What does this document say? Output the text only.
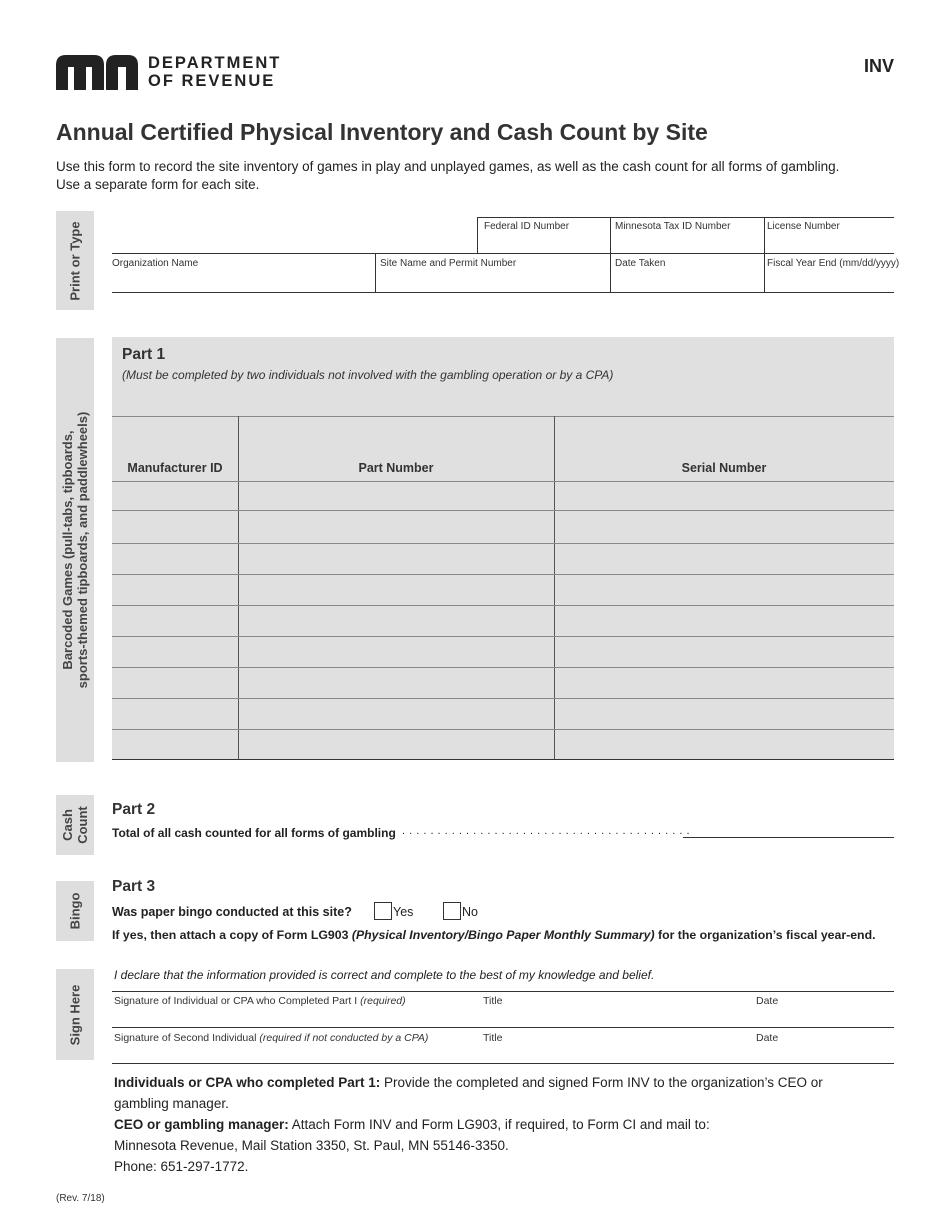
DEPARTMENT
OF REVENUE
INV
Annual Certified Physical Inventory and Cash Count by Site
Use this form to record the site inventory of games in play and unplayed games, as well as the cash count for all forms of gambling.
Use a separate form for each site.
Print or Type	Federal ID Number	Minnesota Tax ID Number	License Number
Organization Name	Site Name and Permit Number	Date Taken	Fiscal Year End (mm/dd/yyyy)
Barcoded Games (pull-tabs, tipboards, sports-themed tipboards, and paddlewheels)
Part 1
(Must be completed by two individuals not involved with the gambling operation or by a CPA)
Manufacturer ID	Part Number	Serial Number
Cash Count Part 2
Total of all cash counted for all forms of gambling . . . . . . . . . . . . . . . . . . . . . . . . . . . . . . . . . . . . . . . . .
Bingo
Part 3
Was paper bingo conducted at this site?	Yes	No
If yes, then attach a copy of Form LG903 (Physical Inventory/Bingo Paper Monthly Summary) for the organization’s fiscal year-end.
Sign Here
I declare that the information provided is correct and complete to the best of my knowledge and belief.
Signature of Individual or CPA who Completed Part I (required)	Title	Date
Signature of Second Individual (required if not conducted by a CPA)	Title	Date
Individuals or CPA who completed Part 1: Provide the completed and signed Form INV to the organization’s CEO or
gambling manager.
CEO or gambling manager: Attach Form INV and Form LG903, if required, to Form CI and mail to:
Minnesota Revenue, Mail Station 3350, St. Paul, MN 55146-3350.
Phone: 651-297-1772.
(Rev. 7/18)
